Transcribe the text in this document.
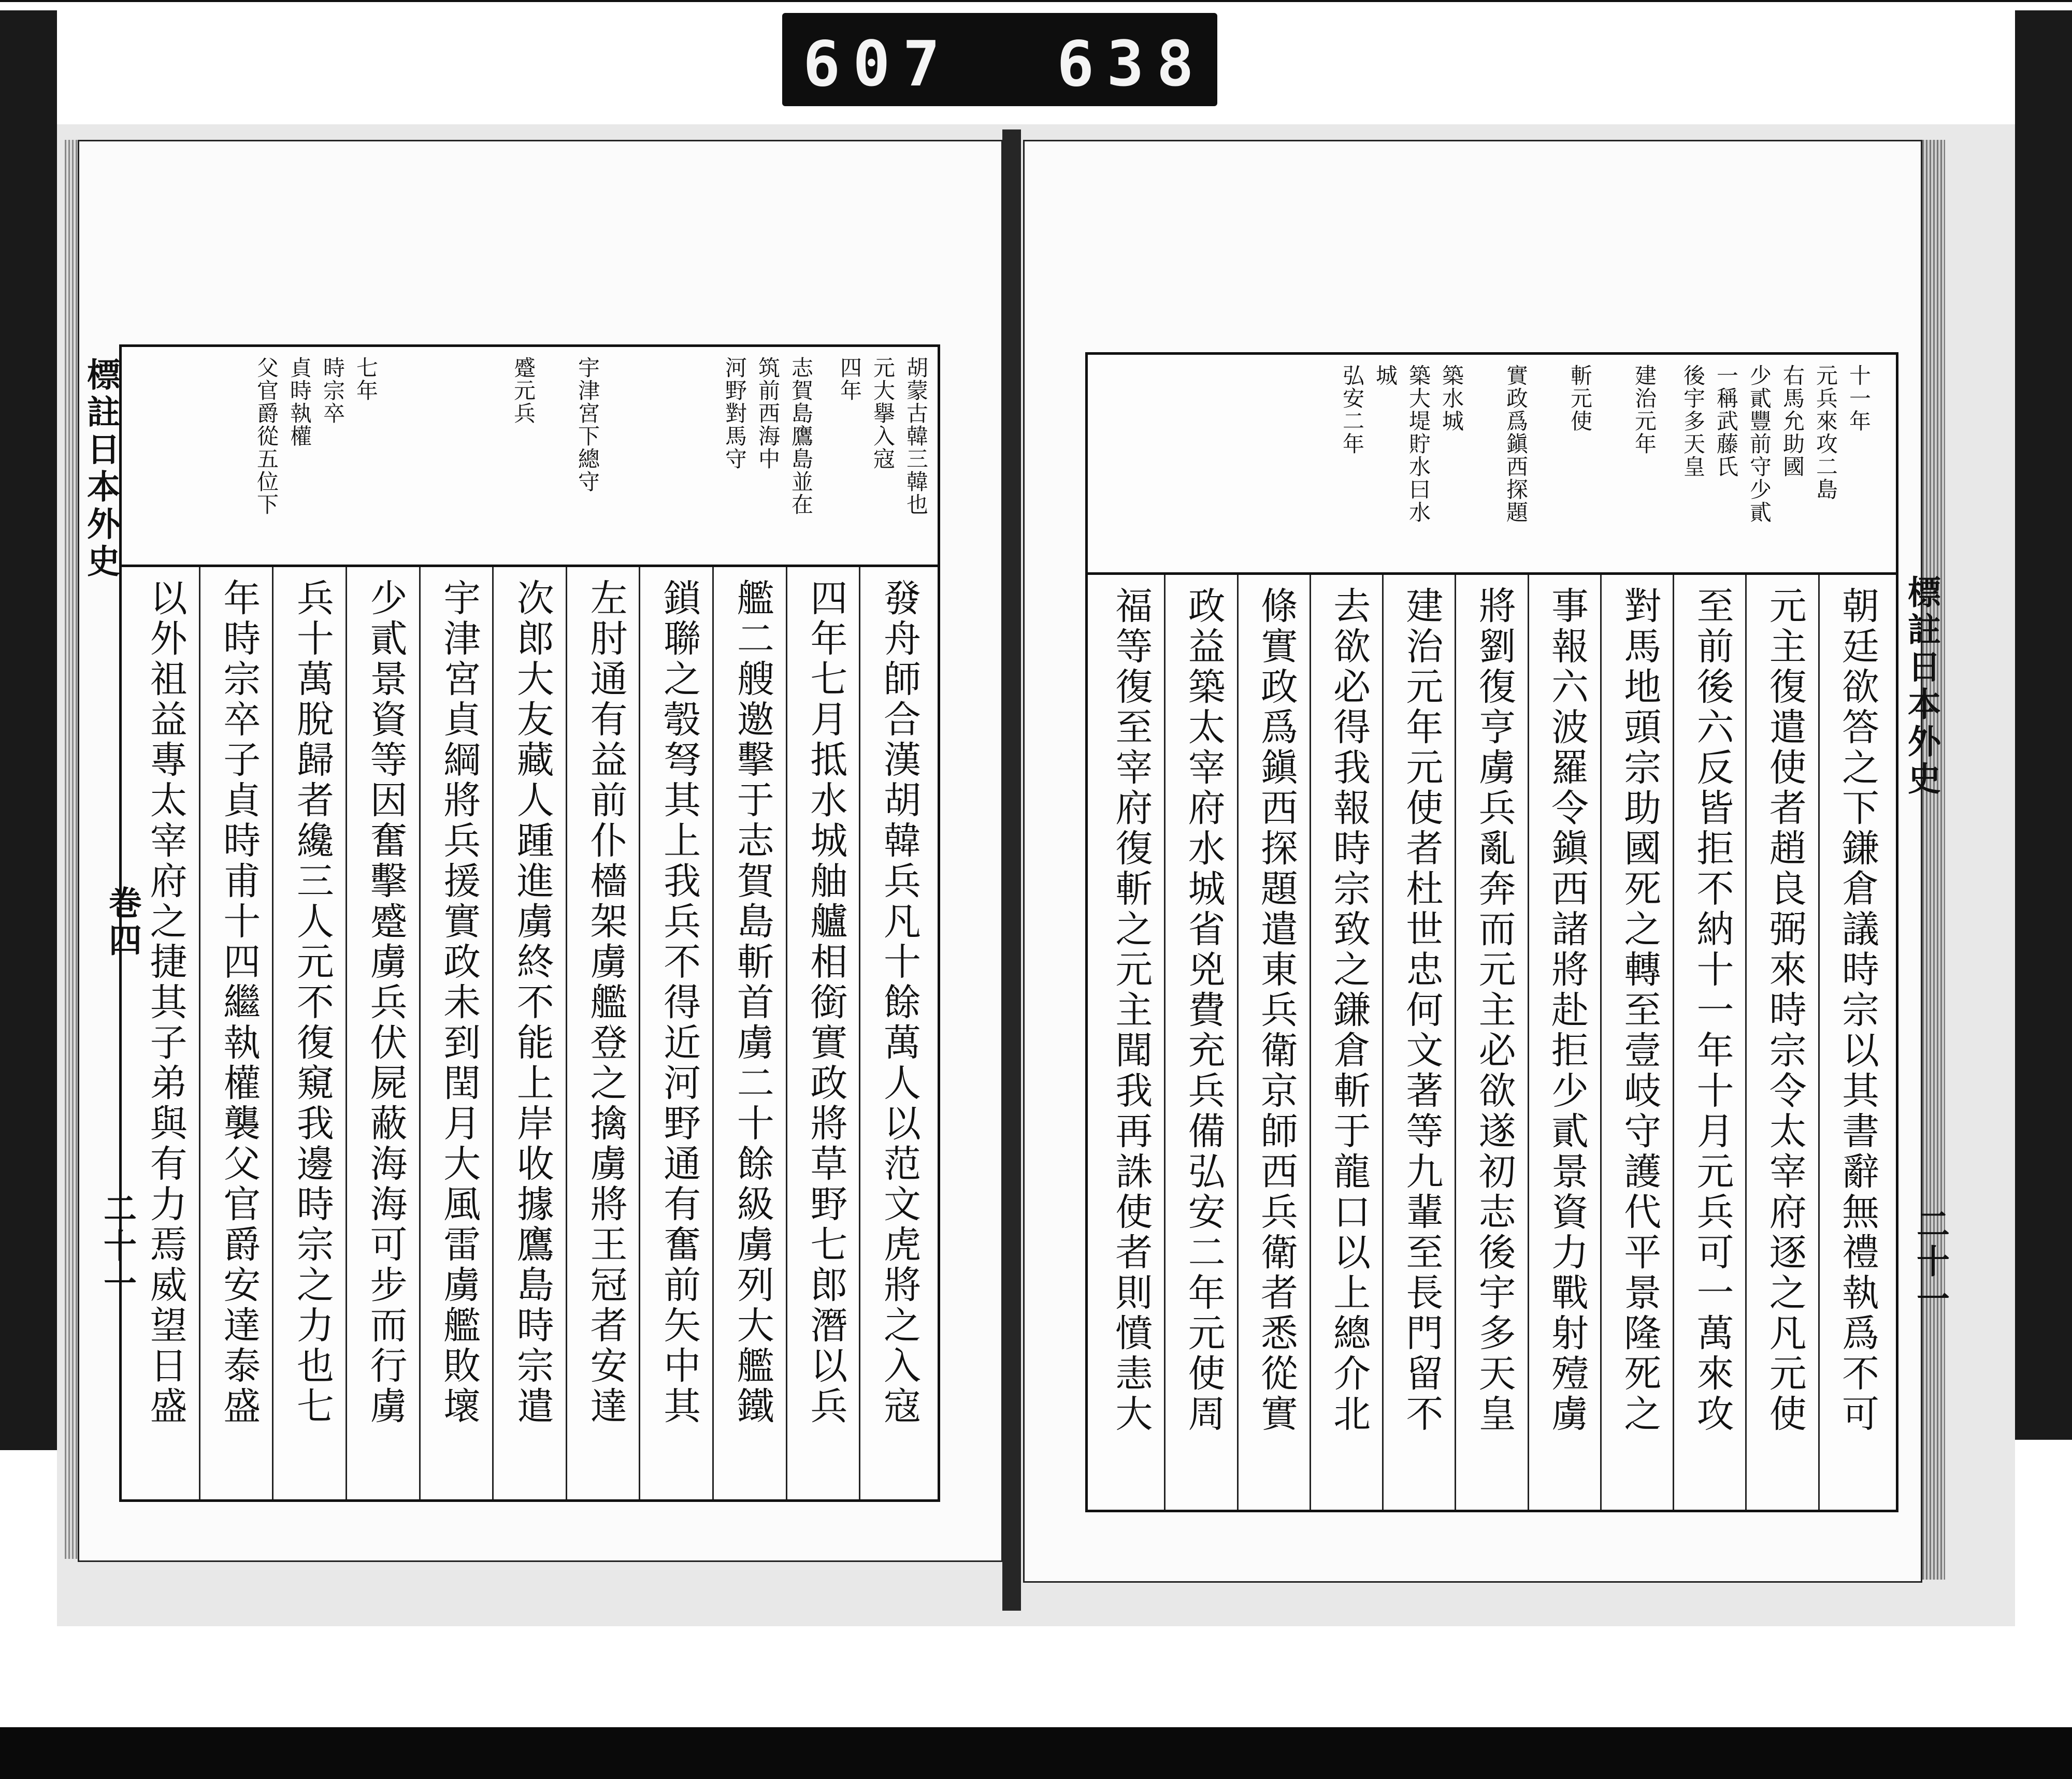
607 638
胡蒙古韓三韓也
元大擧入寇
四年
志賀島鷹島並在
筑前西海中
河野對馬守
宇津宮下總守
蹙元兵
七年
時宗卒
貞時執權
父官爵從五位下
發舟師合漢胡韓兵凡十餘萬人以范文虎將之入寇
四年七月抵水城舳艫相銜實政將草野七郎潛以兵
艦二艘邀擊于志賀島斬首虜二十餘級虜列大艦鐵
鎖聯之彀弩其上我兵不得近河野通有奮前矢中其
左肘通有益前仆檣架虜艦登之擒虜將王冠者安達
次郎大友藏人踵進虜終不能上岸收據鷹島時宗遣
宇津宮貞綱將兵援實政未到閏月大風雷虜艦敗壞
少貳景資等因奮擊蹙虜兵伏屍蔽海海可步而行虜
兵十萬脫歸者纔三人元不復窺我邊時宗之力也七
年時宗卒子貞時甫十四繼執權襲父官爵安達泰盛
以外祖益專太宰府之捷其子弟與有力焉威望日盛
標註日本外史
巻四
二十一
十一年
元兵來攻二島
右馬允助國
少貳豐前守少貳
一稱武藤氏
後宇多天皇
建治元年
斬元使
實政爲鎭西探題
築水城
築大堤貯水曰水
城
弘安二年
朝廷欲答之下鎌倉議時宗以其書辭無禮執爲不可
元主復遣使者趙良弼來時宗令太宰府逐之凡元使
至前後六反皆拒不納十一年十月元兵可一萬來攻
對馬地頭宗助國死之轉至壹岐守護代平景隆死之
事報六波羅令鎭西諸將赴拒少貳景資力戰射殪虜
將劉復亨虜兵亂奔而元主必欲遂初志後宇多天皇
建治元年元使者杜世忠何文著等九輩至長門留不
去欲必得我報時宗致之鎌倉斬于龍口以上總介北
條實政爲鎭西探題遣東兵衛京師西兵衛者悉從實
政益築太宰府水城省兇費充兵備弘安二年元使周
福等復至宰府復斬之元主聞我再誅使者則憤恚大	標註日本外史
二十一
